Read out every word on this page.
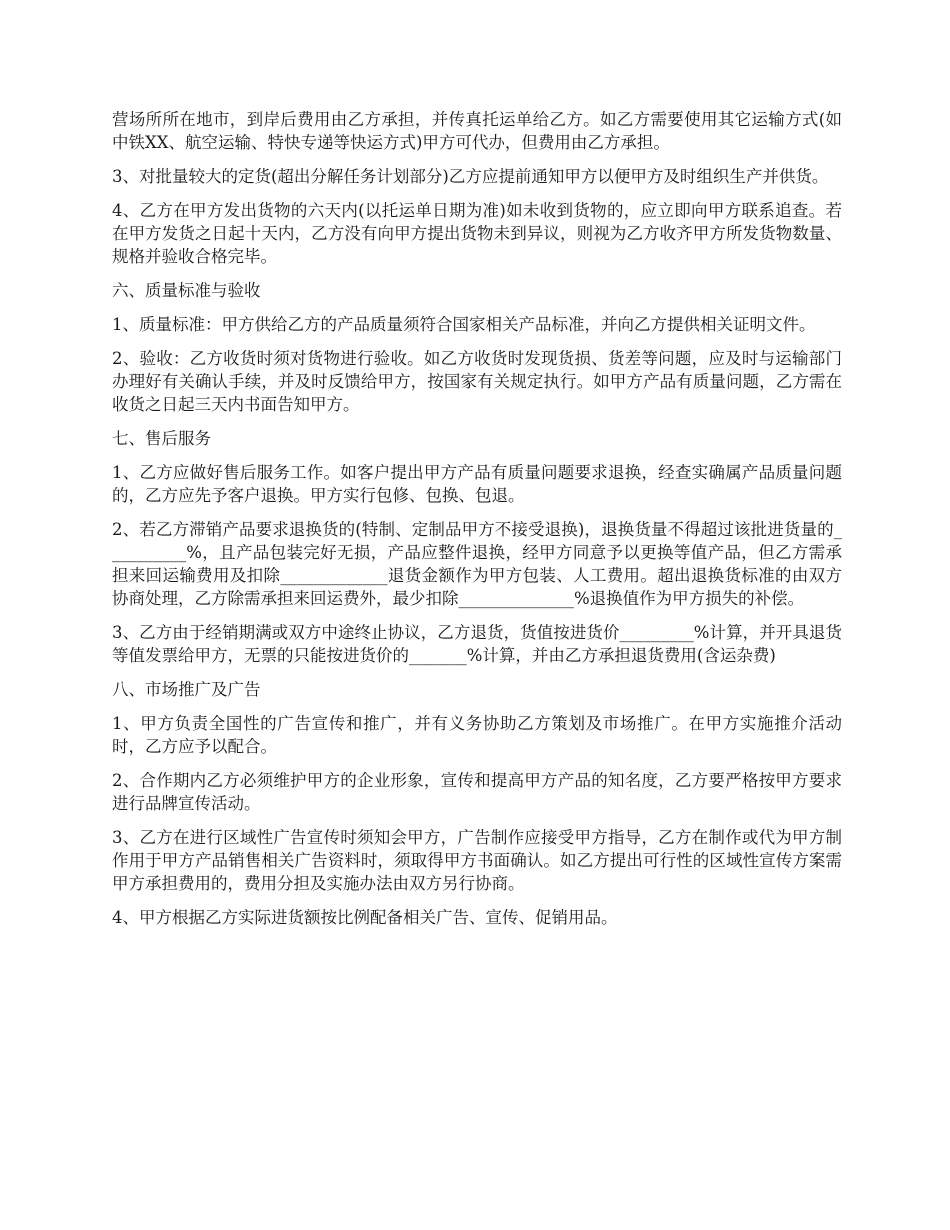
营场所所在地市，到岸后费用由乙方承担，并传真托运单给乙方。如乙方需要使用其它运输方式(如中铁XX、航空运输、特快专递等快运方式)甲方可代办，但费用由乙方承担。

3、对批量较大的定货(超出分解任务计划部分)乙方应提前通知甲方以便甲方及时组织生产并供货。

4、乙方在甲方发出货物的六天内(以托运单日期为准)如未收到货物的，应立即向甲方联系追查。若在甲方发货之日起十天内，乙方没有向甲方提出货物未到异议，则视为乙方收齐甲方所发货物数量、规格并验收合格完毕。

六、质量标准与验收

1、质量标准：甲方供给乙方的产品质量须符合国家相关产品标准，并向乙方提供相关证明文件。

2、验收：乙方收货时须对货物进行验收。如乙方收货时发现货损、货差等问题，应及时与运输部门办理好有关确认手续，并及时反馈给甲方，按国家有关规定执行。如甲方产品有质量问题，乙方需在收货之日起三天内书面告知甲方。

七、售后服务

1、乙方应做好售后服务工作。如客户提出甲方产品有质量问题要求退换，经查实确属产品质量问题的，乙方应先予客户退换。甲方实行包修、包换、包退。

2、若乙方滞销产品要求退换货的(特制、定制品甲方不接受退换)，退换货量不得超过该批进货量的__________%，且产品包装完好无损，产品应整件退换，经甲方同意予以更换等值产品，但乙方需承担来回运输费用及扣除_____________退货金额作为甲方包装、人工费用。超出退换货标准的由双方协商处理，乙方除需承担来回运费外，最少扣除______________%退换值作为甲方损失的补偿。

3、乙方由于经销期满或双方中途终止协议，乙方退货，货值按进货价_________%计算，并开具退货等值发票给甲方，无票的只能按进货价的_______%计算，并由乙方承担退货费用(含运杂费)

八、市场推广及广告

1、甲方负责全国性的广告宣传和推广，并有义务协助乙方策划及市场推广。在甲方实施推介活动时，乙方应予以配合。

2、合作期内乙方必须维护甲方的企业形象，宣传和提高甲方产品的知名度，乙方要严格按甲方要求进行品牌宣传活动。

3、乙方在进行区域性广告宣传时须知会甲方，广告制作应接受甲方指导，乙方在制作或代为甲方制作用于甲方产品销售相关广告资料时，须取得甲方书面确认。如乙方提出可行性的区域性宣传方案需甲方承担费用的，费用分担及实施办法由双方另行协商。

4、甲方根据乙方实际进货额按比例配备相关广告、宣传、促销用品。
